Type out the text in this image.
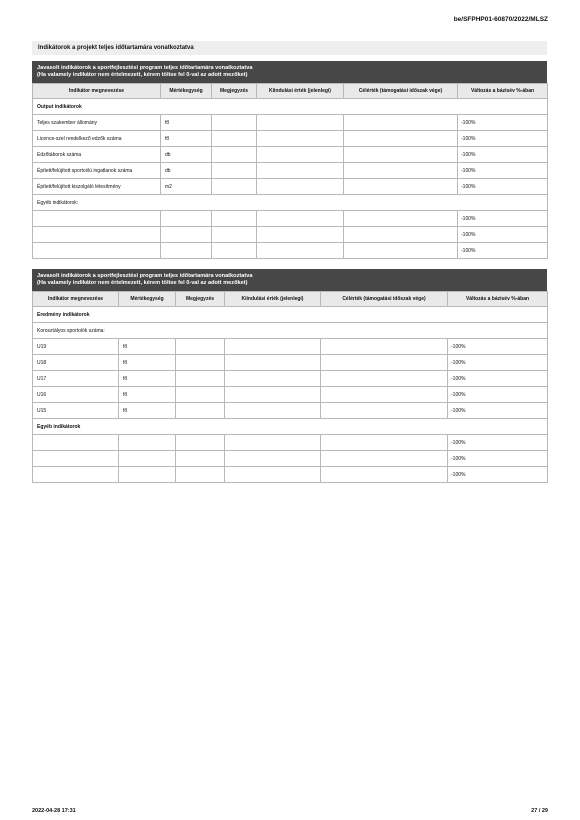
be/SFPHP01-60870/2022/MLSZ
Indikátorok a projekt teljes időtartamára vonatkoztatva
Javasolt indikátorok a sportfejlesztési program teljes időtartamára vonatkoztatva
(Ha valamely indikátor nem értelmezett, kérem töltse fel 0-val az adott mezőket)
Indikátor megnevezése	Mértékegység	Megjegyzés	Kiindulási érték (jelenlegi)	Célérték (támogatási időszak vége)	Változás a bázisév %-ában
Output indikátorok					
Teljes szakember állomány	fő				-100%
Licence-szel rendelkező edzők száma	fő				-100%
Edzőtáborok száma	db				-100%
Épített/felújított sportcélú ingatlanok száma	db				-100%
Épített/felújított kiszolgáló létesítmény	m2				-100%
Egyéb indikátorok:					
					-100%
					-100%
					-100%
Javasolt indikátorok a sportfejlesztési program teljes időtartamára vonatkoztatva
(Ha valamely indikátor nem értelmezett, kérem töltse fel 0-val az adott mezőket)
Indikátor megnevezése	Mértékegység	Megjegyzés	Kiindulási érték (jelenlegi)	Célérték (támogatási időszak vége)	Változás a bázisév %-ában
Eredmény indikátorok					
Korosztályos sportolók száma:					
U19	fő				-100%
U18	fő				-100%
U17	fő				-100%
U16	fő				-100%
U15	fő				-100%
Egyéb indikátorok					
					-100%
					-100%
					-100%
2022-04-28 17:31	27 / 29
